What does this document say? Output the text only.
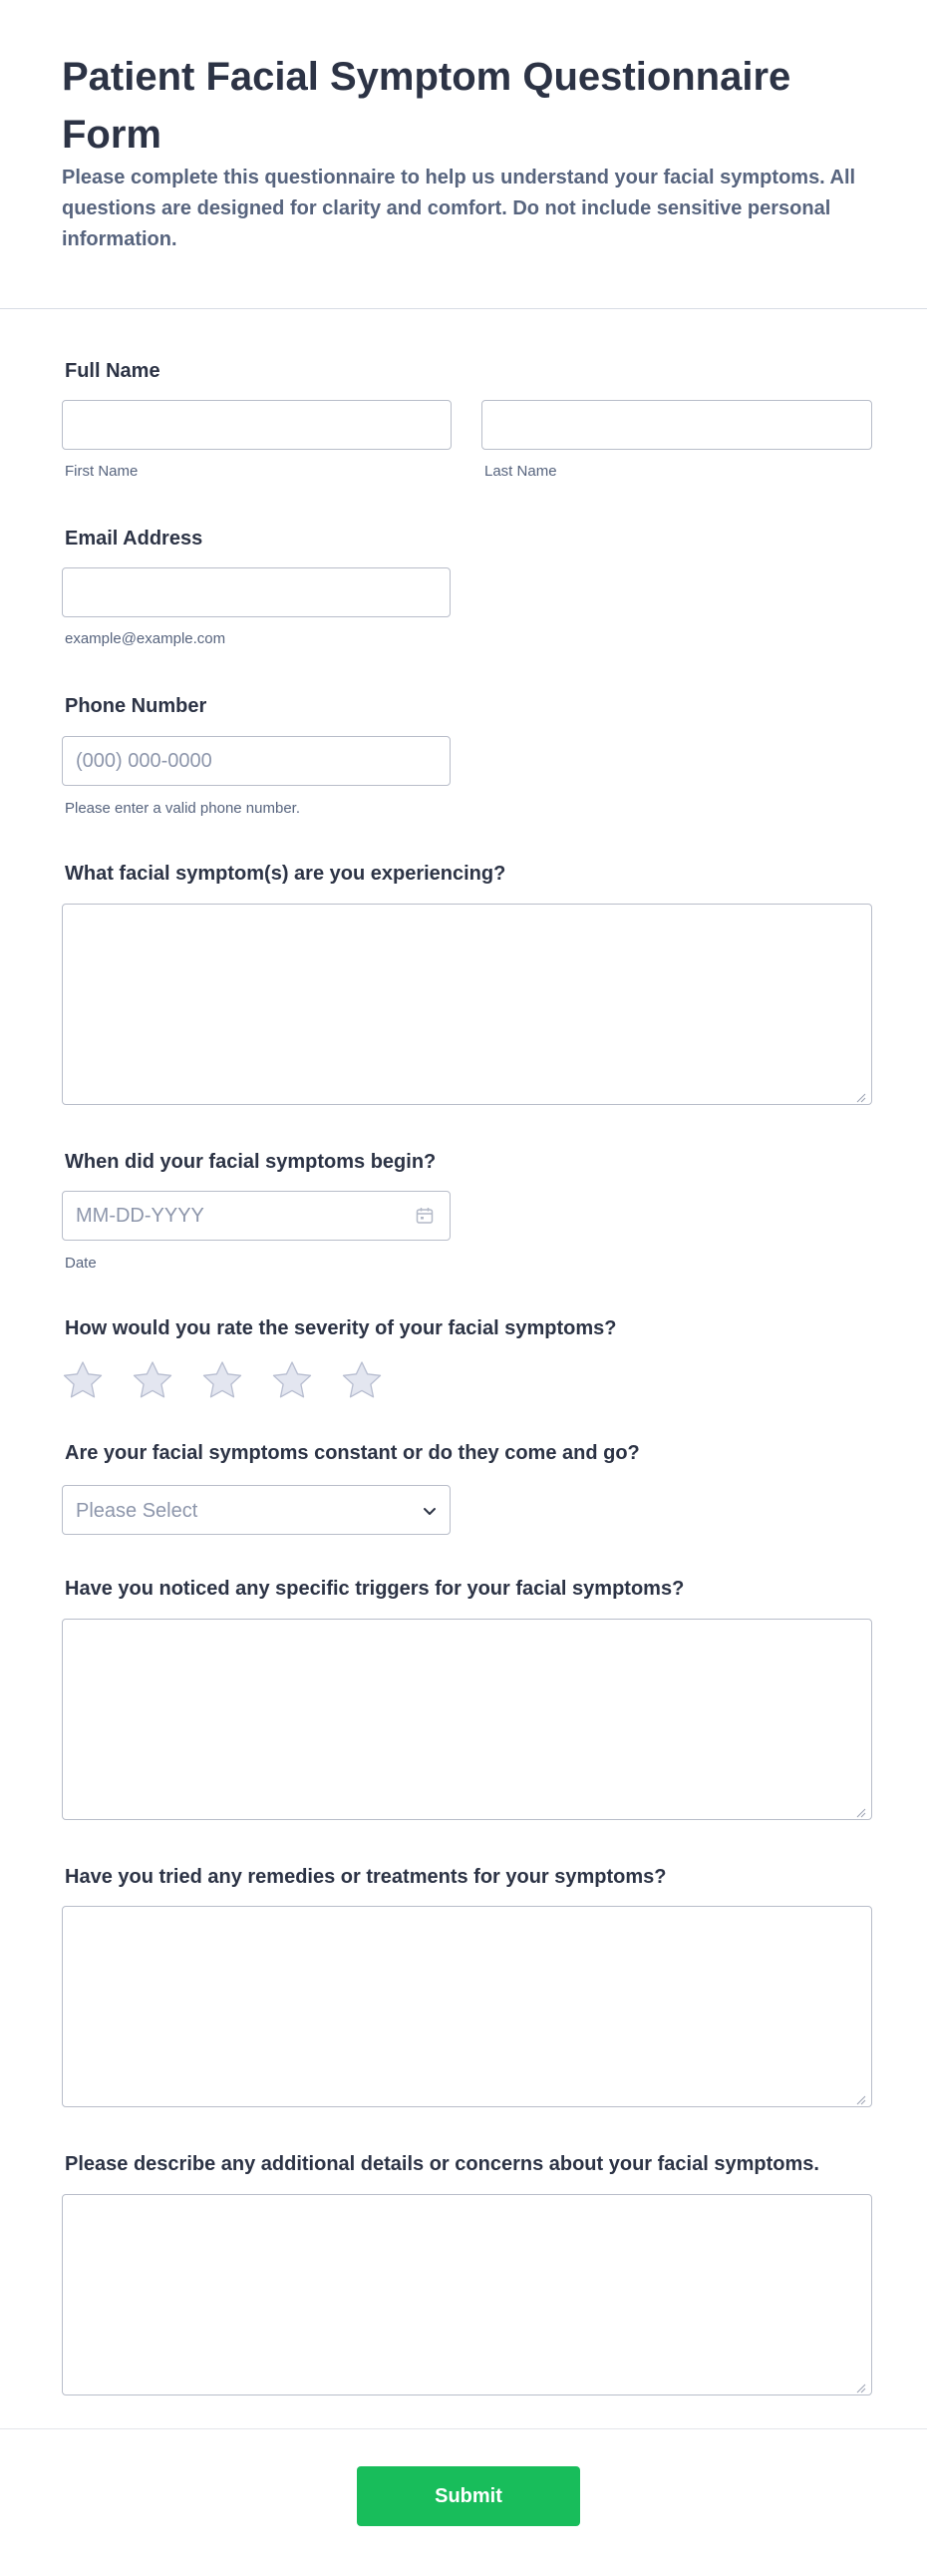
Patient Facial Symptom Questionnaire Form

Please complete this questionnaire to help us understand your facial symptoms. All questions are designed for clarity and comfort. Do not include sensitive personal information.

Full Name
First Name	Last Name
Email Address
example@example.com
Phone Number
(000) 000-0000
Please enter a valid phone number.
What facial symptom(s) are you experiencing?
When did your facial symptoms begin?
MM-DD-YYYY
Date
How would you rate the severity of your facial symptoms?
Are your facial symptoms constant or do they come and go?
Please Select
Have you noticed any specific triggers for your facial symptoms?
Have you tried any remedies or treatments for your symptoms?
Please describe any additional details or concerns about your facial symptoms.
Submit
